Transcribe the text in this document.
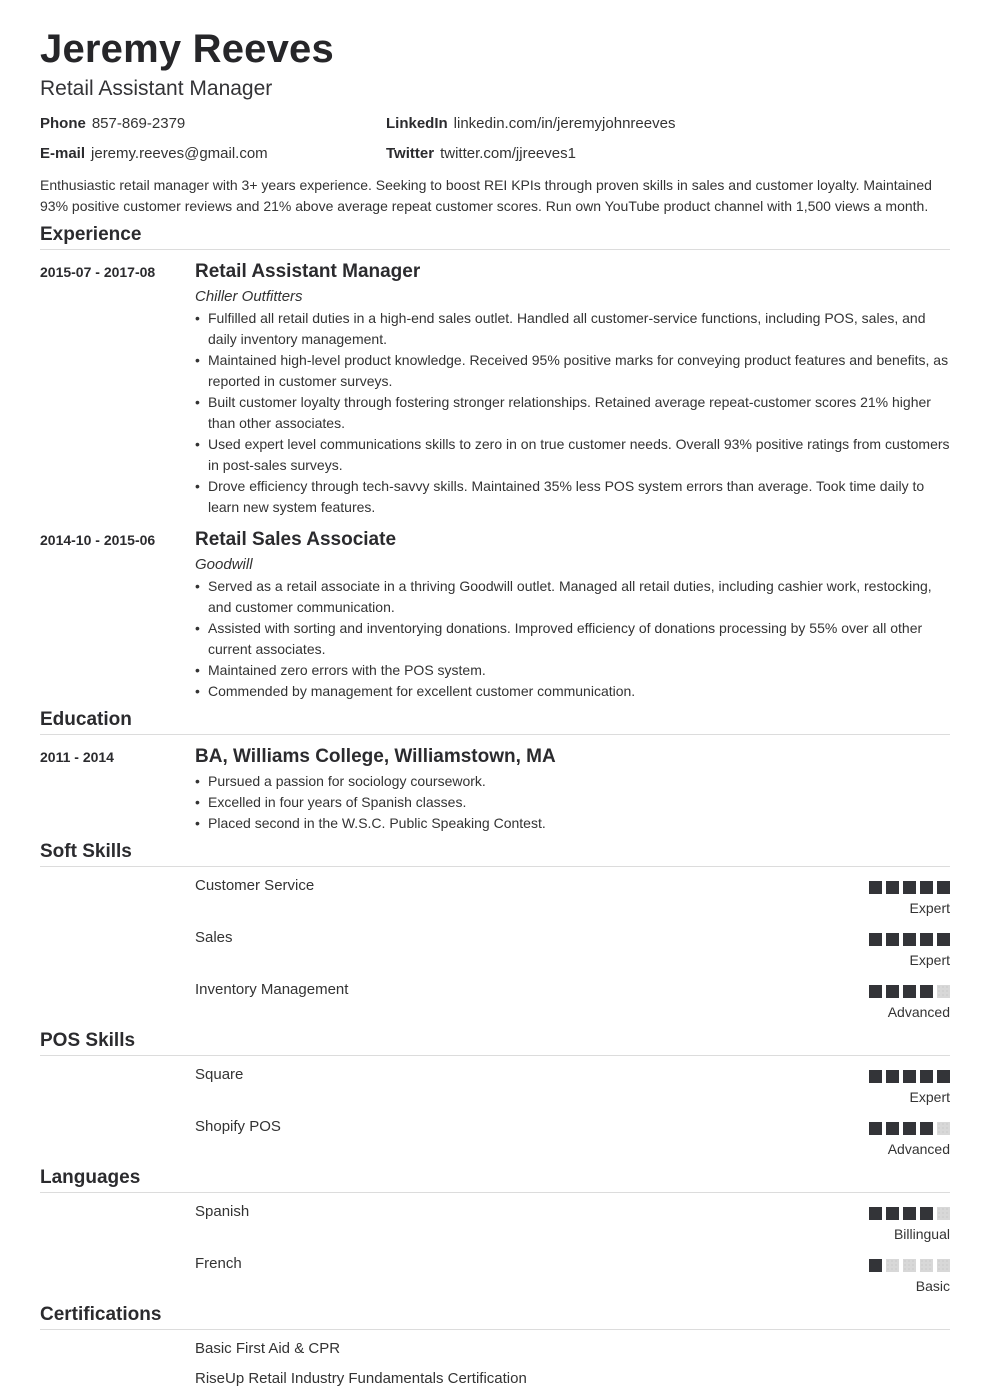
Jeremy Reeves
Retail Assistant Manager
Phone 857-869-2379	LinkedIn linkedin.com/in/jeremyjohnreeves
E-mail jeremy.reeves@gmail.com	Twitter twitter.com/jjreeves1

Enthusiastic retail manager with 3+ years experience. Seeking to boost REI KPIs through proven skills in sales and customer loyalty. Maintained 93% positive customer reviews and 21% above average repeat customer scores. Run own YouTube product channel with 1,500 views a month.

Experience
2015-07 - 2017-08 Retail Assistant Manager
Chiller Outfitters
• Fulfilled all retail duties in a high-end sales outlet. Handled all customer-service functions, including POS, sales, and daily inventory management.
• Maintained high-level product knowledge. Received 95% positive marks for conveying product features and benefits, as reported in customer surveys.
• Built customer loyalty through fostering stronger relationships. Retained average repeat-customer scores 21% higher than other associates.
• Used expert level communications skills to zero in on true customer needs. Overall 93% positive ratings from customers in post-sales surveys.
• Drove efficiency through tech-savvy skills. Maintained 35% less POS system errors than average. Took time daily to learn new system features.
2014-10 - 2015-06 Retail Sales Associate
Goodwill
• Served as a retail associate in a thriving Goodwill outlet. Managed all retail duties, including cashier work, restocking, and customer communication.
• Assisted with sorting and inventorying donations. Improved efficiency of donations processing by 55% over all other current associates.
• Maintained zero errors with the POS system.
• Commended by management for excellent customer communication.
Education
2011 - 2014	BA, Williams College, Williamstown, MA
• Pursued a passion for sociology coursework.
• Excelled in four years of Spanish classes.
• Placed second in the W.S.C. Public Speaking Contest.
Soft Skills
Customer Service
Expert
Sales
Expert
Inventory Management
Advanced
POS Skills
Square
Expert
Shopify POS
Advanced
Languages
Spanish
Billingual
French
Basic
Certifications
Basic First Aid & CPR
RiseUp Retail Industry Fundamentals Certification
